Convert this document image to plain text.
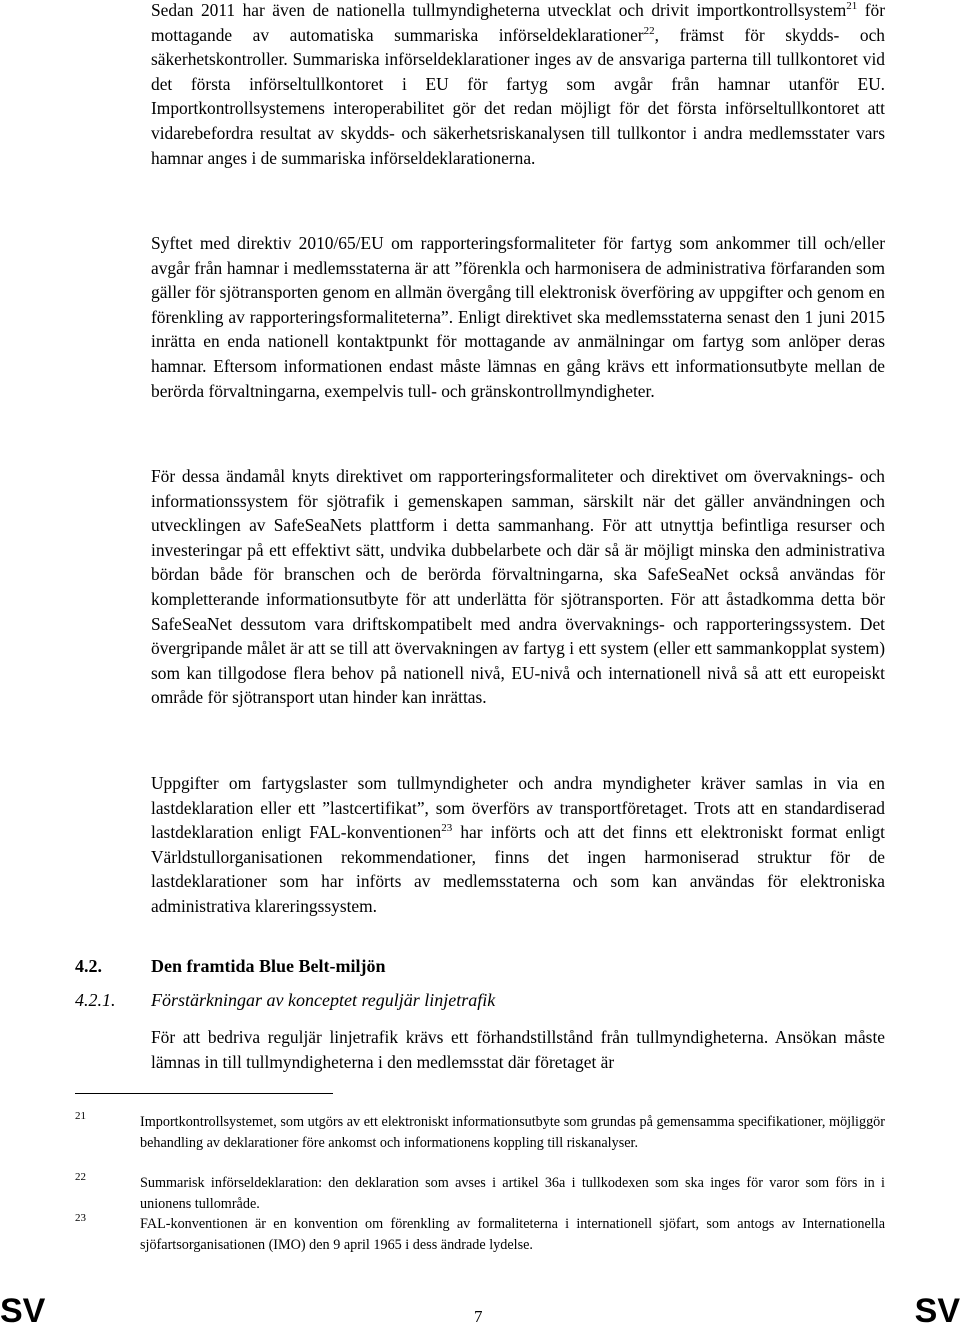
Sedan 2011 har även de nationella tullmyndigheterna utvecklat och drivit importkontrollsystem$^{21}$ för mottagande av automatiska summariska införseldeklarationer$^{22}$, främst för skydds- och säkerhetskontroller. Summariska införseldeklarationer inges av de ansvariga parterna till tullkontoret vid det första införseltullkontoret i EU för fartyg som avgår från hamnar utanför EU. Importkontrollsystemens interoperabilitet gör det redan möjligt för det första införseltullkontoret att vidarebefordra resultat av skydds- och säkerhetsriskanalysen till tullkontor i andra medlemsstater vars hamnar anges i de summariska införseldeklarationerna.

Syftet med direktiv 2010/65/EU om rapporteringsformaliteter för fartyg som ankommer till och/eller avgår från hamnar i medlemsstaterna är att ”förenkla och harmonisera de administrativa förfaranden som gäller för sjötransporten genom en allmän övergång till elektronisk överföring av uppgifter och genom en förenkling av rapporteringsformaliteterna”. Enligt direktivet ska medlemsstaterna senast den 1 juni 2015 inrätta en enda nationell kontaktpunkt för mottagande av anmälningar om fartyg som anlöper deras hamnar. Eftersom informationen endast måste lämnas en gång krävs ett informationsutbyte mellan de berörda förvaltningarna, exempelvis tull- och gränskontrollmyndigheter.

För dessa ändamål knyts direktivet om rapporteringsformaliteter och direktivet om övervaknings- och informationssystem för sjötrafik i gemenskapen samman, särskilt när det gäller användningen och utvecklingen av SafeSeaNets plattform i detta sammanhang. För att utnyttja befintliga resurser och investeringar på ett effektivt sätt, undvika dubbelarbete och där så är möjligt minska den administrativa bördan både för branschen och de berörda förvaltningarna, ska SafeSeaNet också användas för kompletterande informationsutbyte för att underlätta för sjötransporten. För att åstadkomma detta bör SafeSeaNet dessutom vara driftskompatibelt med andra övervaknings- och rapporteringssystem. Det övergripande målet är att se till att övervakningen av fartyg i ett system (eller ett sammankopplat system) som kan tillgodose flera behov på nationell nivå, EU-nivå och internationell nivå så att ett europeiskt område för sjötransport utan hinder kan inrättas.

Uppgifter om fartygslaster som tullmyndigheter och andra myndigheter kräver samlas in via en lastdeklaration eller ett ”lastcertifikat”, som överförs av transportföretaget. Trots att en standardiserad lastdeklaration enligt FAL-konventionen$^{23}$ har införts och att det finns ett elektroniskt format enligt Världstullorganisationen rekommendationer, finns det ingen harmoniserad struktur för de lastdeklarationer som har införts av medlemsstaterna och som kan användas för elektroniska administrativa klareringssystem.

4.2.	Den framtida Blue Belt-miljön
4.2.1. Förstärkningar av konceptet reguljär linjetrafik

För att bedriva reguljär linjetrafik krävs ett förhandstillstånd från tullmyndigheterna. Ansökan måste lämnas in till tullmyndigheterna i den medlemsstat där företaget är

21	Importkontrollsystemet, som utgörs av ett elektroniskt informationsutbyte som grundas på gemensamma specifikationer, möjliggör behandling av deklarationer före ankomst och informationens koppling till riskanalyser.

22	Summarisk införseldeklaration: den deklaration som avses i artikel 36a i tullkodexen som ska inges för varor som förs in i unionens tullområde.

23	FAL-konventionen är en konvention om förenkling av formaliteterna i internationell sjöfart, som antogs av Internationella sjöfartsorganisationen (IMO) den 9 april 1965 i dess ändrade lydelse.

SV	7	SV
